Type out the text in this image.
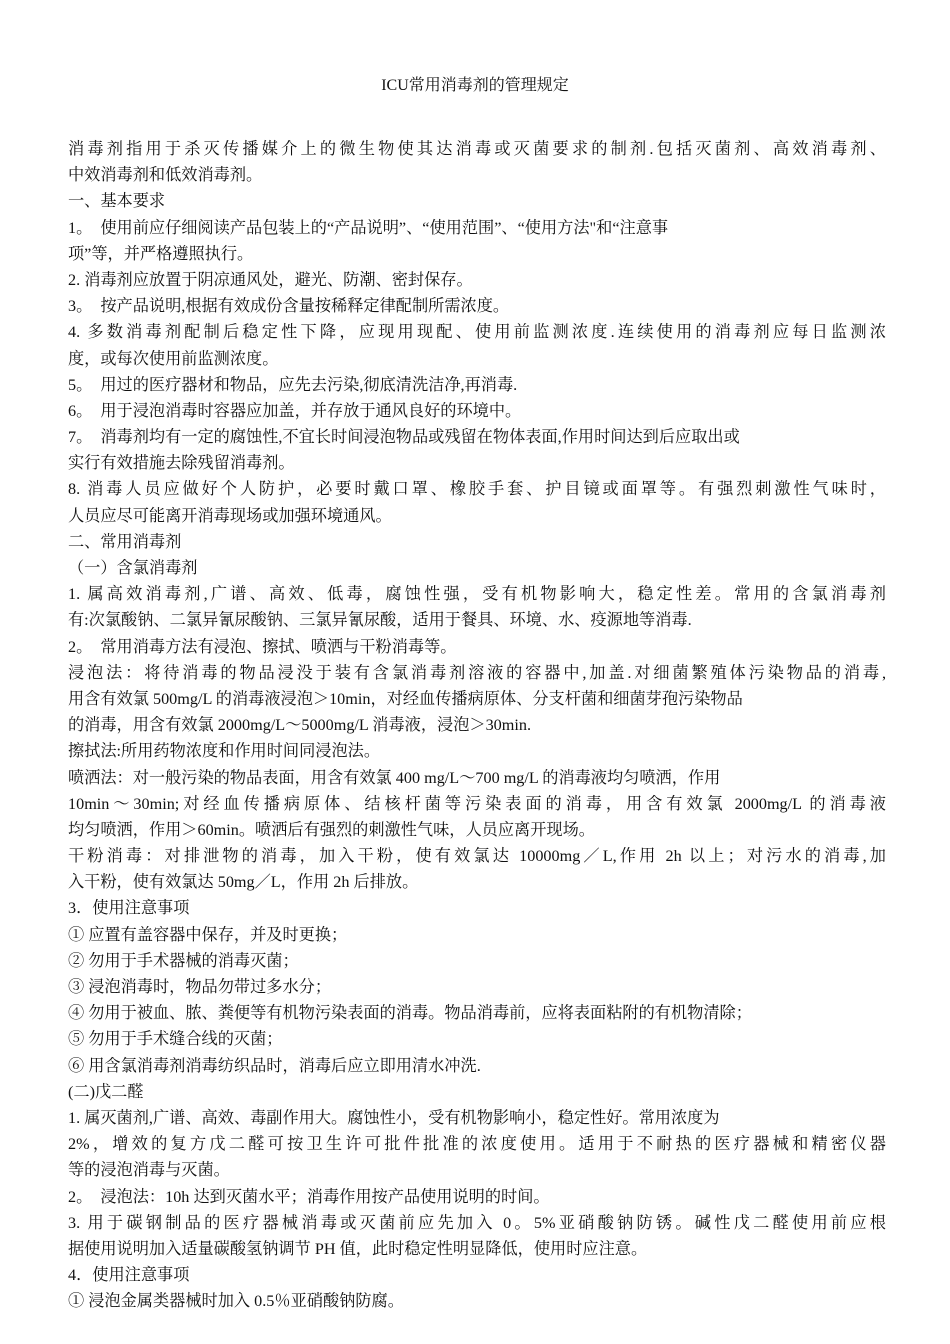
ICU常用消毒剂的管理规定
消毒剂指用于杀灭传播媒介上的微生物使其达消毒或灭菌要求的制剂.包括灭菌剂、高效消毒剂、
中效消毒剂和低效消毒剂。
一、基本要求
1。　使用前应仔细阅读产品包装上的“产品说明”、“使用范围”、“使用方法"和“注意事
项”等，并严格遵照执行。
2. 消毒剂应放置于阴凉通风处，避光、防潮、密封保存。
3。　按产品说明,根据有效成份含量按稀释定律配制所需浓度。
4. 多数消毒剂配制后稳定性下降，应现用现配、使用前监测浓度.连续使用的消毒剂应每日监测浓
度，或每次使用前监测浓度。
5。　用过的医疗器材和物品，应先去污染,彻底清洗洁净,再消毒.
6。　用于浸泡消毒时容器应加盖，并存放于通风良好的环境中。
7。　消毒剂均有一定的腐蚀性,不宜长时间浸泡物品或残留在物体表面,作用时间达到后应取出或
实行有效措施去除残留消毒剂。
8. 消毒人员应做好个人防护，必要时戴口罩、橡胶手套、护目镜或面罩等。有强烈刺激性气味时，
人员应尽可能离开消毒现场或加强环境通风。
二、常用消毒剂
（一）含氯消毒剂
1. 属高效消毒剂,广谱、高效、低毒，腐蚀性强，受有机物影响大，稳定性差。常用的含氯消毒剂
有:次氯酸钠、二氯异氰尿酸钠、三氯异氰尿酸，适用于餐具、环境、水、疫源地等消毒.
2。　常用消毒方法有浸泡、擦拭、喷洒与干粉消毒等。
浸泡法：将待消毒的物品浸没于装有含氯消毒剂溶液的容器中,加盖.对细菌繁殖体污染物品的消毒,
用含有效氯 500mg/L 的消毒液浸泡＞10min，对经血传播病原体、分支杆菌和细菌芽孢污染物品
的消毒，用含有效氯 2000mg/L～5000mg/L 消毒液，浸泡＞30min.
擦拭法:所用药物浓度和作用时间同浸泡法。
喷洒法：对一般污染的物品表面，用含有效氯 400 mg/L～700 mg/L 的消毒液均匀喷洒，作用
10min～30min;对经血传播病原体、结核杆菌等污染表面的消毒，用含有效氯 2000mg/L 的消毒液
均匀喷洒，作用＞60min。喷洒后有强烈的刺激性气味，人员应离开现场。
干粉消毒：对排泄物的消毒，加入干粉，使有效氯达 10000mg／L,作用 2h 以上；对污水的消毒,加
入干粉，使有效氯达 50mg／L，作用 2h 后排放。
3．使用注意事项
① 应置有盖容器中保存，并及时更换；
② 勿用于手术器械的消毒灭菌；
③ 浸泡消毒时，物品勿带过多水分；
④ 勿用于被血、脓、粪便等有机物污染表面的消毒。物品消毒前，应将表面粘附的有机物清除；
⑤ 勿用于手术缝合线的灭菌；
⑥ 用含氯消毒剂消毒纺织品时，消毒后应立即用清水冲洗.
(二)戊二醛
1. 属灭菌剂,广谱、高效、毒副作用大。腐蚀性小，受有机物影响小，稳定性好。常用浓度为
2%，增效的复方戊二醛可按卫生许可批件批准的浓度使用。适用于不耐热的医疗器械和精密仪器
等的浸泡消毒与灭菌。
2。　浸泡法：10h 达到灭菌水平；消毒作用按产品使用说明的时间。
3. 用于碳钢制品的医疗器械消毒或灭菌前应先加入 0。5%亚硝酸钠防锈。碱性戊二醛使用前应根
据使用说明加入适量碳酸氢钠调节 PH 值，此时稳定性明显降低，使用时应注意。
4．使用注意事项
① 浸泡金属类器械时加入 0.5％亚硝酸钠防腐。
